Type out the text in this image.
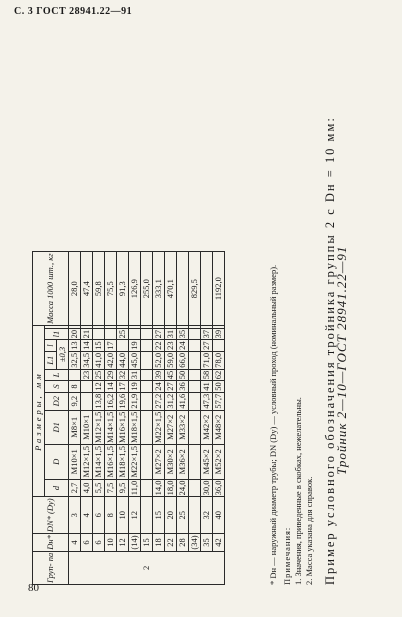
С. 3 ГОСТ 28941.22—91
80
Груп- па	Dн*	DN* (Dу)	Размеры, мм										Масса 1000 шт., кг
			d	D	D1	D2	S	L	L1	l	l1		
									±0,3				
2	4	3	2,7	М10×1	М8×1	9,2	8		32,5	13	20		28,0
	6	4	4,0	М12×1,5	М10×1			23	34,5	14	21		47,4
	6	6	5,5	М14×1,5	М12×1,5	13,8	12	25	41,0	15			59,8
	10	8	7,5	М16×1,5	М14×1,5	16,2	14	29	42,0	17			75,5
	12	10	9,5	М18×1,5	М16×1,5	19,6	17	32	44,0		25		91,3
	(14)	12	11,0	М22×1,5	М18×1,5	21,9	19	31	45,0	19			126,9
	15												255,0
	18	15	14,0	М27×2	М22×1,5	27,2	24	39	52,0	22	27		333,1
	22	20	18,0	М30×2	М27×2	31,2	27	45	59,0	23	31		470,1
	28	25	24,0	М36×2	М33×2	41,6	36	50	66,0	24	35		
	(34)												829,5
	35	32	30,0	М45×2	М42×2	47,3	41	58	71,0	27	37		
	42	40	36,0	М52×2	М48×2	57,7	50	62	78,0		39		1192,0	* Dн — наружный диаметр трубы; DN (Dу) — условный проход (номинальный размер). Примечания: 1. Значения, приведенные в скобках, нежелательны. 2. Масса указана для справок. Пример условного обозначения тройника группы 2 с Dн = 10 мм:

Тройник 2—10—ГОСТ 28941.22—91
